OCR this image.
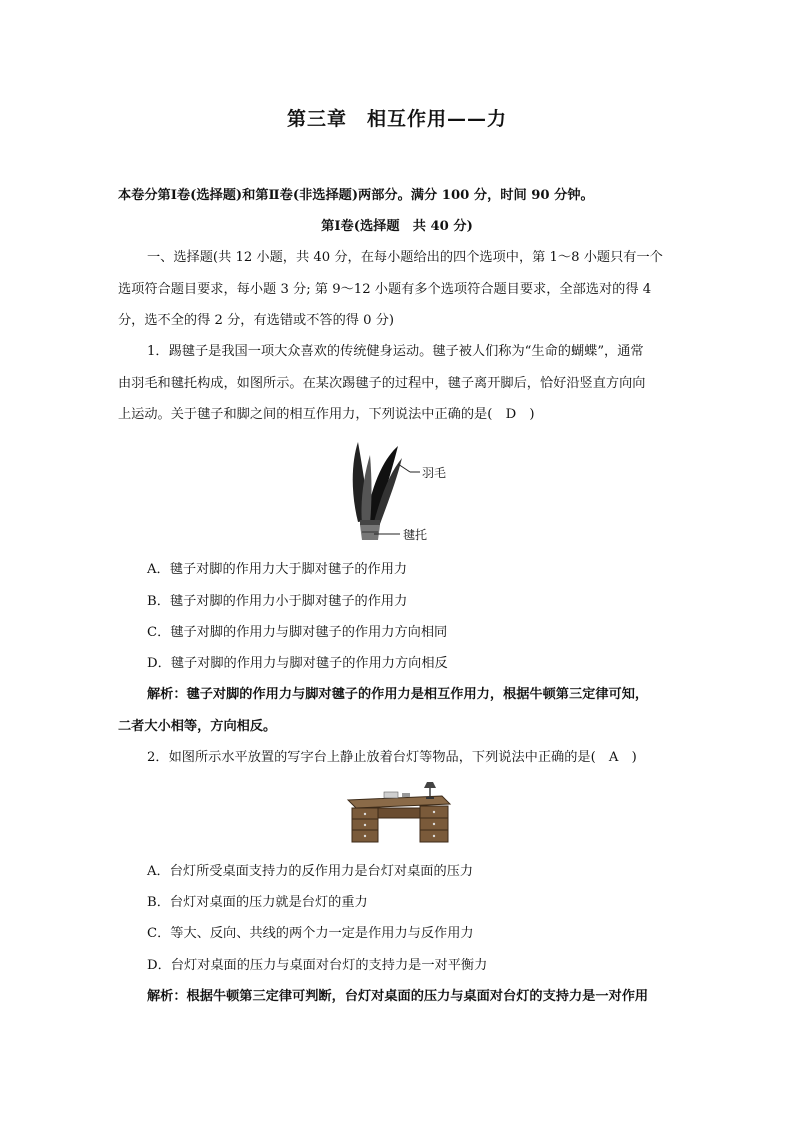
第三章　相互作用——力
本卷分第Ⅰ卷(选择题)和第Ⅱ卷(非选择题)两部分。满分 100 分，时间 90 分钟。
第Ⅰ卷(选择题　共 40 分)
一、选择题(共 12 小题，共 40 分，在每小题给出的四个选项中，第 1～8 小题只有一个
选项符合题目要求，每小题 3 分; 第 9～12 小题有多个选项符合题目要求，全部选对的得 4
分，选不全的得 2 分，有选错或不答的得 0 分)
1．踢毽子是我国一项大众喜欢的传统健身运动。毽子被人们称为“生命的蝴蝶”，通常
由羽毛和毽托构成，如图所示。在某次踢毽子的过程中，毽子离开脚后，恰好沿竖直方向向
上运动。关于毽子和脚之间的相互作用力，下列说法中正确的是(　D　)
羽毛
毽托
A．毽子对脚的作用力大于脚对毽子的作用力
B．毽子对脚的作用力小于脚对毽子的作用力
C．毽子对脚的作用力与脚对毽子的作用力方向相同
D．毽子对脚的作用力与脚对毽子的作用力方向相反
解析：毽子对脚的作用力与脚对毽子的作用力是相互作用力，根据牛顿第三定律可知，
二者大小相等，方向相反。
2．如图所示水平放置的写字台上静止放着台灯等物品，下列说法中正确的是(　A　)
A．台灯所受桌面支持力的反作用力是台灯对桌面的压力
B．台灯对桌面的压力就是台灯的重力
C．等大、反向、共线的两个力一定是作用力与反作用力
D．台灯对桌面的压力与桌面对台灯的支持力是一对平衡力
解析：根据牛顿第三定律可判断，台灯对桌面的压力与桌面对台灯的支持力是一对作用
